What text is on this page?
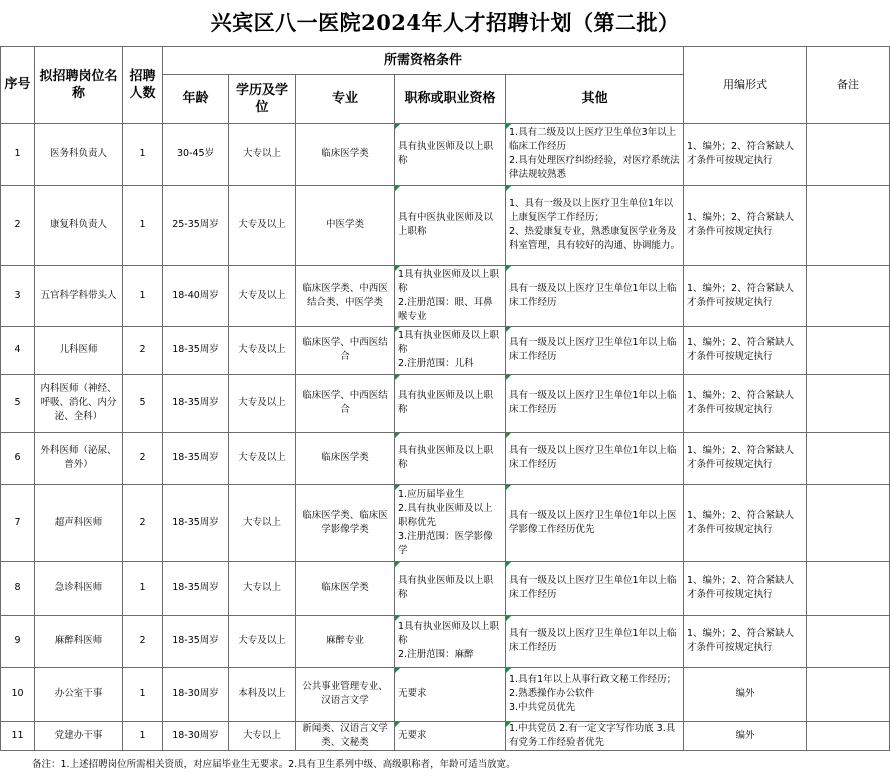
兴宾区八一医院2024年人才招聘计划（第二批）									
序号	拟招聘岗位名称	招聘人数	所需资格条件					用编形式	备注
			年龄	学历及学位	专业	职称或职业资格	其他		
1	医务科负责人	1	30-45岁	大专以上	临床医学类	具有执业医师及以上职称	1.具有二级及以上医疗卫生单位3年以上临床工作经历
2.具有处理医疗纠纷经验，对医疗系统法律法规较熟悉	1、编外；2、符合紧缺人才条件可按规定执行	
2	康复科负责人	1	25-35周岁	大专及以上	中医学类	具有中医执业医师及以上职称	1、具有一级及以上医疗卫生单位1年以上康复医学工作经历；
2、热爱康复专业，熟悉康复医学业务及科室管理，具有较好的沟通、协调能力。	1、编外；2、符合紧缺人才条件可按规定执行	
3	五官科学科带头人	1	18-40周岁	大专及以上	临床医学类、中西医结合类、中医学类	1具有执业医师及以上职称
2.注册范围：眼、耳鼻喉专业	具有一级及以上医疗卫生单位1年以上临床工作经历	1、编外；2、符合紧缺人才条件可按规定执行	
4	儿科医师	2	18-35周岁	大专及以上	临床医学、中西医结合	1具有执业医师及以上职称
2.注册范围：儿科	具有一级及以上医疗卫生单位1年以上临床工作经历	1、编外；2、符合紧缺人才条件可按规定执行	
5	内科医师（神经、呼吸、消化、内分泌、全科）	5	18-35周岁	大专及以上	临床医学、中西医结合	具有执业医师及以上职称	具有一级及以上医疗卫生单位1年以上临床工作经历	1、编外；2、符合紧缺人才条件可按规定执行	
6	外科医师（泌尿、普外）	2	18-35周岁	大专及以上	临床医学类	具有执业医师及以上职称	具有一级及以上医疗卫生单位1年以上临床工作经历	1、编外；2、符合紧缺人才条件可按规定执行	
7	超声科医师	2	18-35周岁	大专以上	临床医学类、临床医学影像学类	1.应历届毕业生
2.具有执业医师及以上职称优先
3.注册范围：医学影像学	具有一级及以上医疗卫生单位1年以上医学影像工作经历优先	1、编外；2、符合紧缺人才条件可按规定执行	
8	急诊科医师	1	18-35周岁	大专以上	临床医学类	具有执业医师及以上职称	具有一级及以上医疗卫生单位1年以上临床工作经历	1、编外；2、符合紧缺人才条件可按规定执行	
9	麻醉科医师	2	18-35周岁	大专及以上	麻醉专业	1具有执业医师及以上职称
2.注册范围：麻醉	具有一级及以上医疗卫生单位1年以上临床工作经历	1、编外；2、符合紧缺人才条件可按规定执行	
10	办公室干事	1	18-30周岁	本科及以上	公共事业管理专业、汉语言文学	无要求	1.具有1年以上从事行政文秘工作经历；
2.熟悉操作办公软件
3.中共党员优先	编外	
11	党建办干事	1	18-30周岁	大专以上	新闻类、汉语言文学类、文秘类	无要求	1.中共党员 2.有一定文字写作功底 3.具有党务工作经验者优先	编外	
备注：1.上述招聘岗位所需相关资质，对应届毕业生无要求。2.具有卫生系列中级、高级职称者，年龄可适当放宽。
